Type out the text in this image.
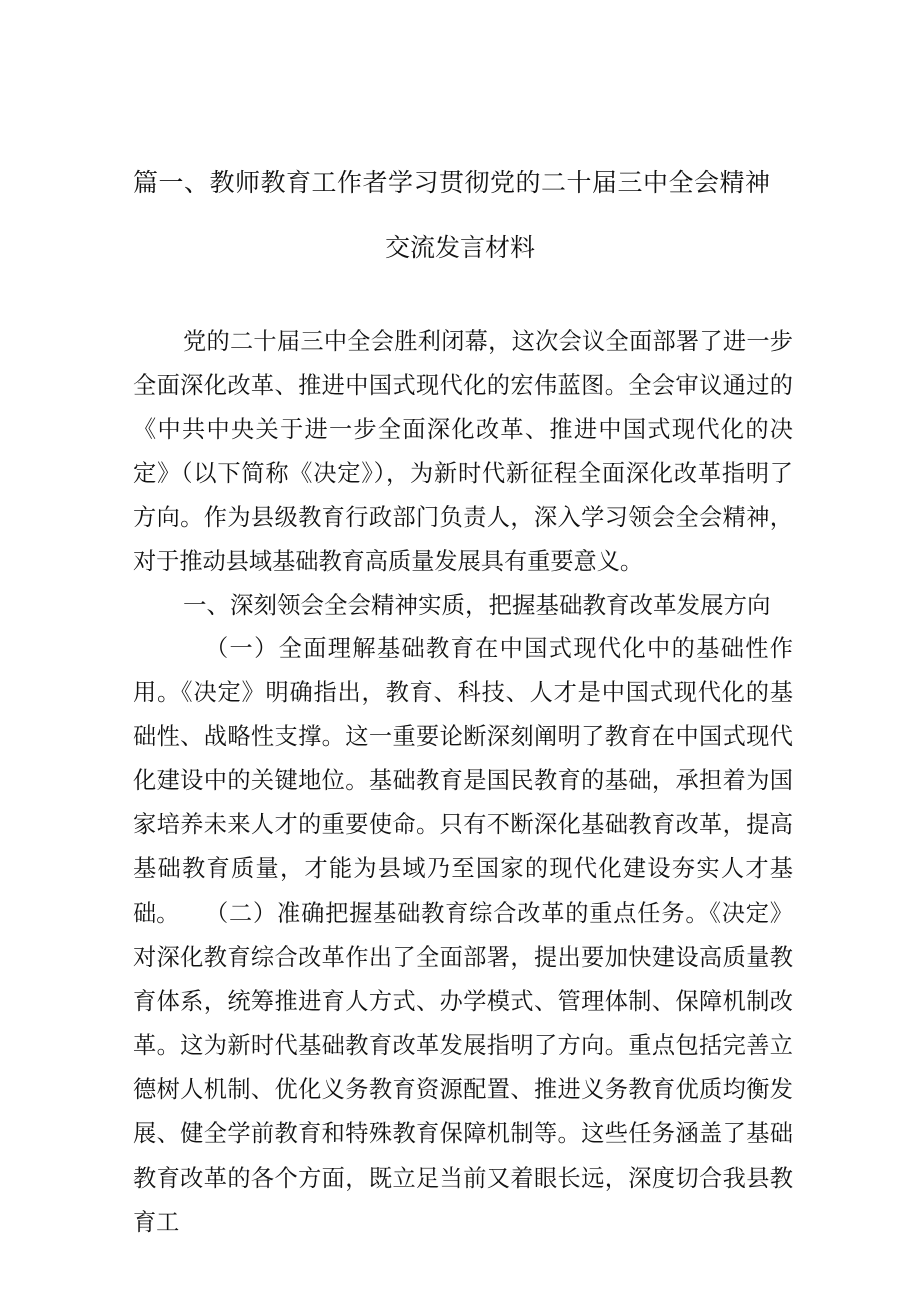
篇一、教师教育工作者学习贯彻党的二十届三中全会精神
交流发言材料

党的二十届三中全会胜利闭幕，这次会议全面部署了进一步全面深化改革、推进中国式现代化的宏伟蓝图。全会审议通过的《中共中央关于进一步全面深化改革、推进中国式现代化的决定》（以下简称《决定》），为新时代新征程全面深化改革指明了方向。作为县级教育行政部门负责人，深入学习领会全会精神，对于推动县域基础教育高质量发展具有重要意义。

一、深刻领会全会精神实质，把握基础教育改革发展方向

（一）全面理解基础教育在中国式现代化中的基础性作用。《决定》明确指出，教育、科技、人才是中国式现代化的基础性、战略性支撑。这一重要论断深刻阐明了教育在中国式现代化建设中的关键地位。基础教育是国民教育的基础，承担着为国家培养未来人才的重要使命。只有不断深化基础教育改革，提高基础教育质量，才能为县域乃至国家的现代化建设夯实人才基础。	（二）准确把握基础教育综合改革的重点任务。《决定》对深化教育综合改革作出了全面部署，提出要加快建设高质量教育体系，统筹推进育人方式、办学模式、管理体制、保障机制改革。这为新时代基础教育改革发展指明了方向。重点包括完善立德树人机制、优化义务教育资源配置、推进义务教育优质均衡发展、健全学前教育和特殊教育保障机制等。这些任务涵盖了基础教育改革的各个方面，既立足当前又着眼长远，深度切合我县教育工
